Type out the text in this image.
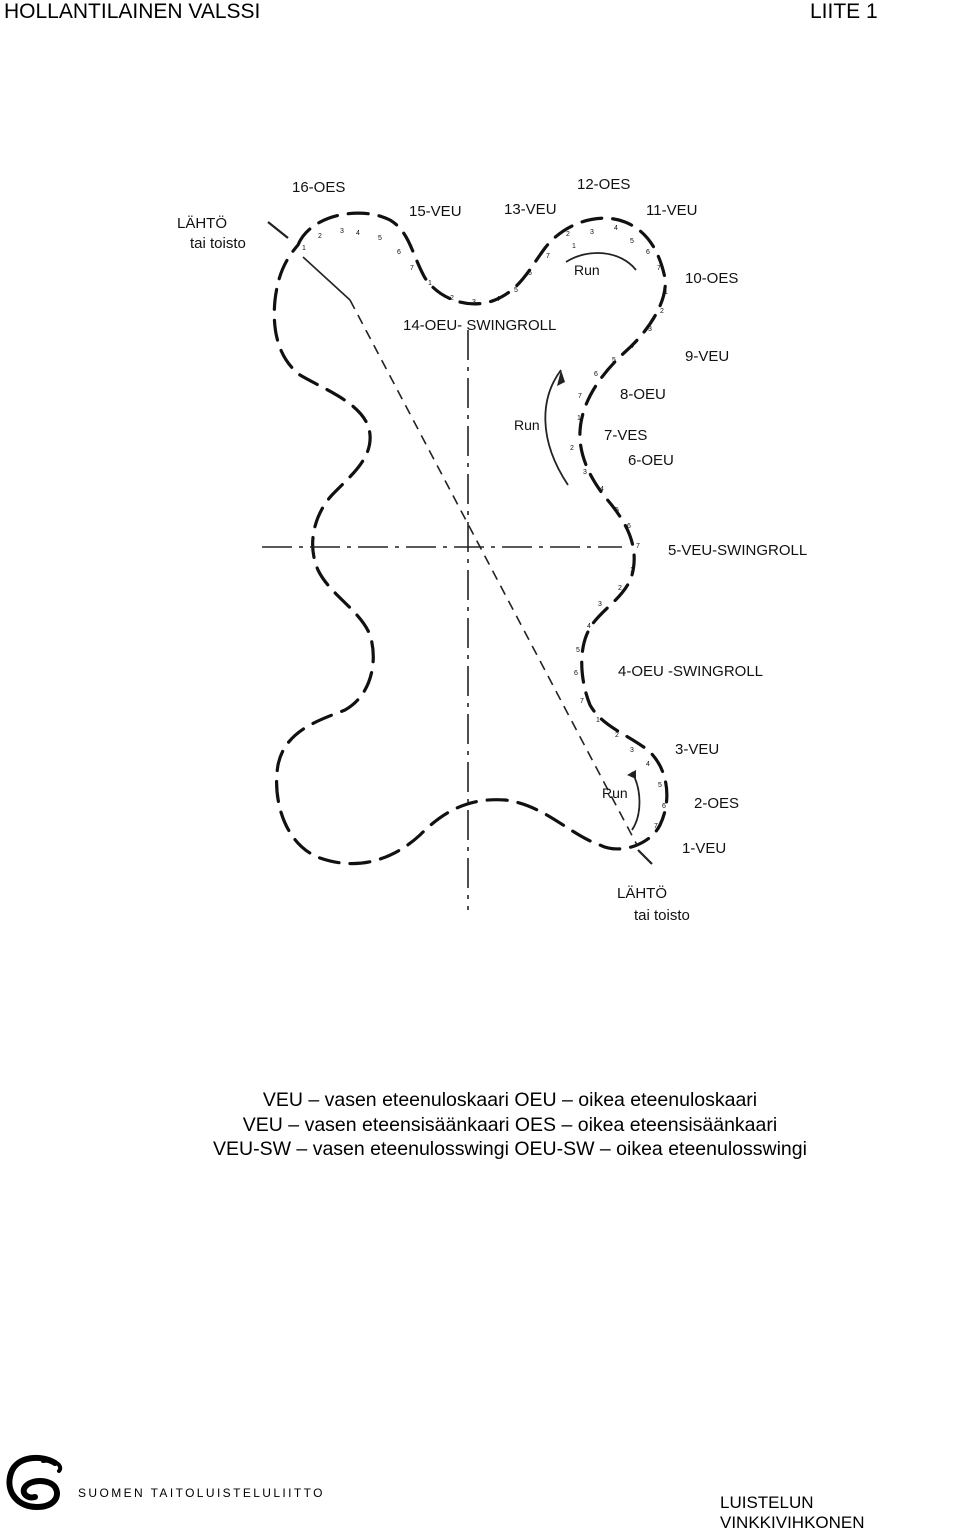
HOLLANTILAINEN VALSSI	LIITE 1
Run
Run
Run
LÄHTÖ
tai toisto
LÄHTÖ
tai toisto
16-OES
15-VEU	13-VEU
12-OES
11-VEU
10-OES
14-OEU- SWINGROLL
9-VEU
8-OEU
7-VES
6-OEU
5-VEU-SWINGROLL
4-OEU -SWINGROLL
3-VEU
2-OES
1-VEU
1
2
3 4
5
6
7
1
2
3	4
5
6
7
1
2	3
4
5
6
7
1
2
3
4
5
6
7
1
2
3
4
5
6
7
1
2
3
4
5
6
7
1
2
3
4
5
6
7
VEU – vasen eteenuloskaari OEU – oikea eteenuloskaari
VEU – vasen eteensisäänkaari OES – oikea eteensisäänkaari
VEU-SW – vasen eteenulosswingi OEU-SW – oikea eteenulosswingi
SUOMEN TAITOLUISTELULIITTO	LUISTELUN VINKKIVIHKONEN
